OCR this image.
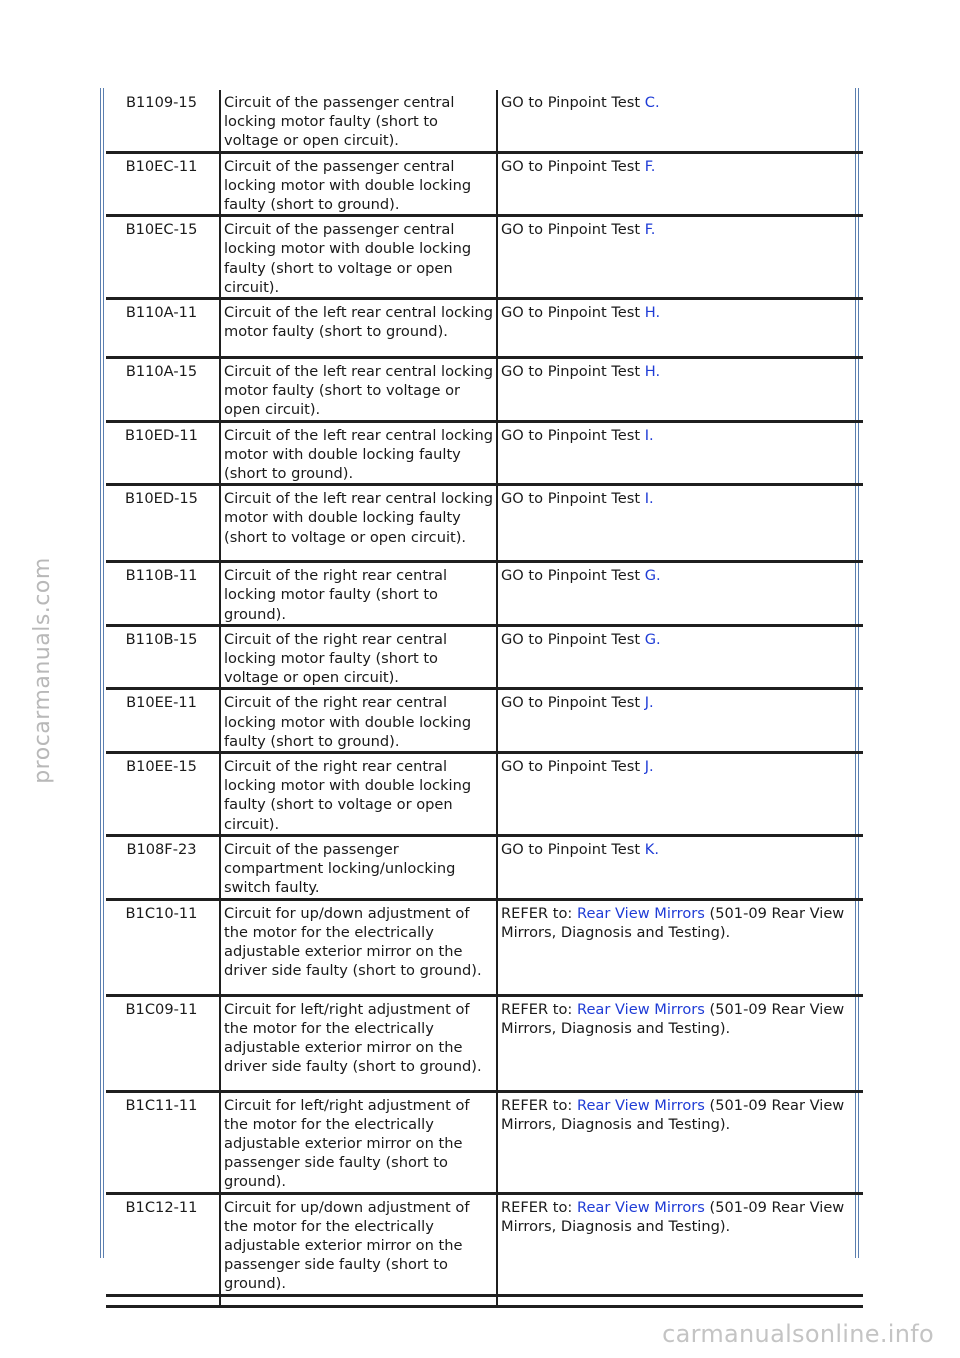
B1109-15	Circuit of the passenger central locking motor faulty (short to voltage or open circuit).	GO to Pinpoint Test C.
B10EC-11	Circuit of the passenger central locking motor with double locking faulty (short to ground).	GO to Pinpoint Test F.
B10EC-15	Circuit of the passenger central locking motor with double locking faulty (short to voltage or open circuit).	GO to Pinpoint Test F.
B110A-11	Circuit of the left rear central locking motor faulty (short to ground).	GO to Pinpoint Test H.
B110A-15	Circuit of the left rear central locking motor faulty (short to voltage or open circuit).	GO to Pinpoint Test H.
B10ED-11	Circuit of the left rear central locking motor with double locking faulty (short to ground).	GO to Pinpoint Test I.
B10ED-15	Circuit of the left rear central locking motor with double locking faulty (short to voltage or open circuit).	GO to Pinpoint Test I.
B110B-11	Circuit of the right rear central locking motor faulty (short to ground).	GO to Pinpoint Test G.
B110B-15	Circuit of the right rear central locking motor faulty (short to voltage or open circuit).	GO to Pinpoint Test G.
B10EE-11	Circuit of the right rear central locking motor with double locking faulty (short to ground).	GO to Pinpoint Test J.
B10EE-15	Circuit of the right rear central locking motor with double locking faulty (short to voltage or open circuit).	GO to Pinpoint Test J.
B108F-23	Circuit of the passenger compartment locking/unlocking switch faulty.	GO to Pinpoint Test K.
B1C10-11	Circuit for up/down adjustment of the motor for the electrically adjustable exterior mirror on the driver side faulty (short to ground).	REFER to: Rear View Mirrors (501-09 Rear View Mirrors, Diagnosis and Testing).
B1C09-11	Circuit for left/right adjustment of the motor for the electrically adjustable exterior mirror on the driver side faulty (short to ground).	REFER to: Rear View Mirrors (501-09 Rear View Mirrors, Diagnosis and Testing).
B1C11-11	Circuit for left/right adjustment of the motor for the electrically adjustable exterior mirror on the passenger side faulty (short to ground).	REFER to: Rear View Mirrors (501-09 Rear View Mirrors, Diagnosis and Testing).
B1C12-11	Circuit for up/down adjustment of the motor for the electrically adjustable exterior mirror on the passenger side faulty (short to ground).	REFER to: Rear View Mirrors (501-09 Rear View Mirrors, Diagnosis and Testing).

procarmanuals.com
carmanualsonline.info
